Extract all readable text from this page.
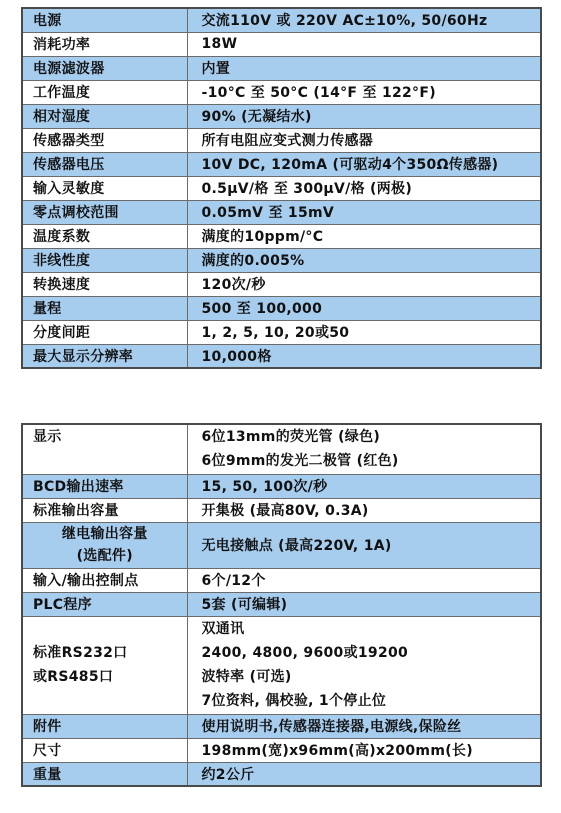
电源	交流110V 或 220V AC±10%, 50/60Hz
消耗功率	18W
电源滤波器	内置
工作温度	-10°C 至 50°C (14°F 至 122°F)
相对湿度	90% (无凝结水)
传感器类型	所有电阻应变式测力传感器
传感器电压	10V DC, 120mA (可驱动4个350Ω传感器)
输入灵敏度	0.5μV/格 至 300μV/格 (两极)
零点调校范围	0.05mV 至 15mV
温度系数	满度的10ppm/°C
非线性度	满度的0.005%
转换速度	120次/秒
量程	500 至 100,000
分度间距	1, 2, 5, 10, 20或50
最大显示分辨率	10,000格
显示	6位13mm的荧光管 (绿色)
6位9mm的发光二极管 (红色)

BCD输出速率	15, 50, 100次/秒
标准输出容量	开集极 (最高80V, 0.3A)

继电输出容量
(选配件)	无电接触点 (最高220V, 1A)
输入/输出控制点	6个/12个
PLC程序	5套 (可编辑)

标准RS232口
或RS485口	双通讯
2400, 4800, 9600或19200
波特率 (可选)
7位资料, 偶校验, 1个停止位

附件	使用说明书,传感器连接器,电源线,保险丝
尺寸	198mm(宽)x96mm(高)x200mm(长)
重量	约2公斤
